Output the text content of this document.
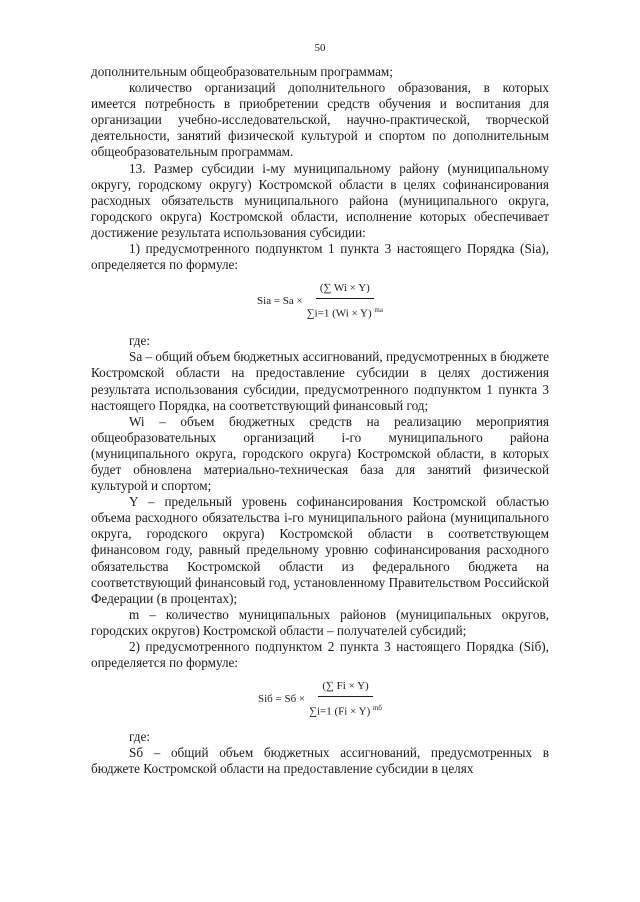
50

дополнительным общеобразовательным программам;

количество организаций дополнительного образования, в которых имеется потребность в приобретении средств обучения и воспитания для организации учебно-исследовательской, научно-практической, творческой деятельности, занятий физической культурой и спортом по дополнительным общеобразовательным программам.

13. Размер субсидии i-му муниципальному району (муниципальному округу, городскому округу) Костромской области в целях софинансирования расходных обязательств муниципального района (муниципального округа, городского округа) Костромской области, исполнение которых обеспечивает достижение результата использования субсидии:

1) предусмотренного подпунктом 1 пункта 3 настоящего Порядка (Sia), определяется по формуле:

Sia = Sа × $\frac{(\sum Wi \times Y)}{\sum i=1 (Wi \times Y) ^{mа}}$

где:

Sа – общий объем бюджетных ассигнований, предусмотренных в бюджете Костромской области на предоставление субсидии в целях достижения результата использования субсидии, предусмотренного подпунктом 1 пункта 3 настоящего Порядка, на соответствующий финансовый год;

Wi – объем бюджетных средств на реализацию мероприятия общеобразовательных организаций i-го муниципального района (муниципального округа, городского округа) Костромской области, в которых будет обновлена материально-техническая база для занятий физической культурой и спортом;

Y – предельный уровень софинансирования Костромской областью объема расходного обязательства i-го муниципального района (муниципального округа, городского округа) Костромской области в соответствующем финансовом году, равный предельному уровню софинансирования расходного обязательства Костромской области из федерального бюджета на соответствующий финансовый год, установленному Правительством Российской Федерации (в процентах);

m – количество муниципальных районов (муниципальных округов, городских округов) Костромской области – получателей субсидий;

2) предусмотренного подпунктом 2 пункта 3 настоящего Порядка (Siб), определяется по формуле:

Siб = Sб × $\frac{(\sum Fi \times Y)}{\sum i=1 (Fi \times Y) ^{mб}}$

где:

Sб – общий объем бюджетных ассигнований, предусмотренных в бюджете Костромской области на предоставление субсидии в целях
